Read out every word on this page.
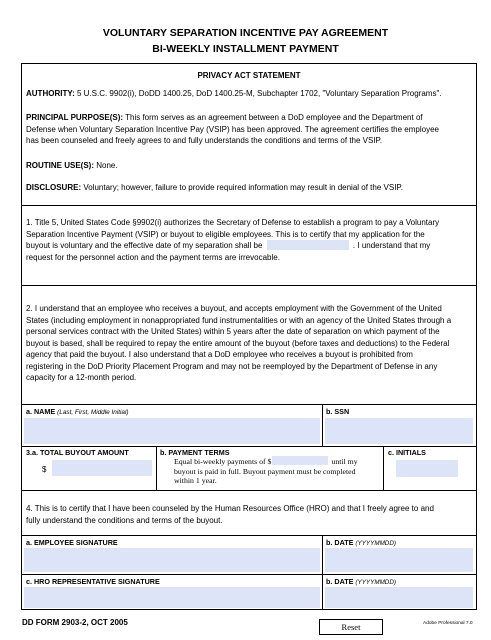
VOLUNTARY SEPARATION INCENTIVE PAY AGREEMENT
BI-WEEKLY INSTALLMENT PAYMENT
PRIVACY ACT STATEMENT
AUTHORITY: 5 U.S.C. 9902(i), DoDD 1400.25, DoD 1400.25-M, Subchapter 1702, "Voluntary Separation Programs".
PRINCIPAL PURPOSE(S): This form serves as an agreement between a DoD employee and the Department of
Defense when Voluntary Separation Incentive Pay (VSIP) has been approved. The agreement certifies the employee
has been counseled and freely agrees to and fully understands the conditions and terms of the VSIP.
ROUTINE USE(S): None.
DISCLOSURE: Voluntary; however, failure to provide required information may result in denial of the VSIP.
1. Title 5, United States Code §9902(i) authorizes the Secretary of Defense to establish a program to pay a Voluntary
Separation Incentive Payment (VSIP) or buyout to eligible employees. This is to certify that my application for the
buyout is voluntary and the effective date of my separation shall be	. I understand that my
request for the personnel action and the payment terms are irrevocable.
2. I understand that an employee who receives a buyout, and accepts employment with the Government of the United
States (including employment in nonappropriated fund instrumentalities or with an agency of the United States through a
personal services contract with the United States) within 5 years after the date of separation on which payment of the
buyout is based, shall be required to repay the entire amount of the buyout (before taxes and deductions) to the Federal
agency that paid the buyout. I also understand that a DoD employee who receives a buyout is prohibited from
registering in the DoD Priority Placement Program and may not be reemployed by the Department of Defense in any
capacity for a 12-month period.
a. NAME (Last, First, Middle Initial)	b. SSN
3.a. TOTAL BUYOUT AMOUNT
$
b. PAYMENT TERMS
Equal bi-weekly payments of $	until my
buyout is paid in full. Buyout payment must be completed
within 1 year.
c. INITIALS
4. This is to certify that I have been counseled by the Human Resources Office (HRO) and that I freely agree to and
fully understand the conditions and terms of the buyout.
a. EMPLOYEE SIGNATURE	b. DATE (YYYYMMDD)
c. HRO REPRESENTATIVE SIGNATURE	b. DATE (YYYYMMDD)
DD FORM 2903-2, OCT 2005	Reset	Adobe Professional 7.0
